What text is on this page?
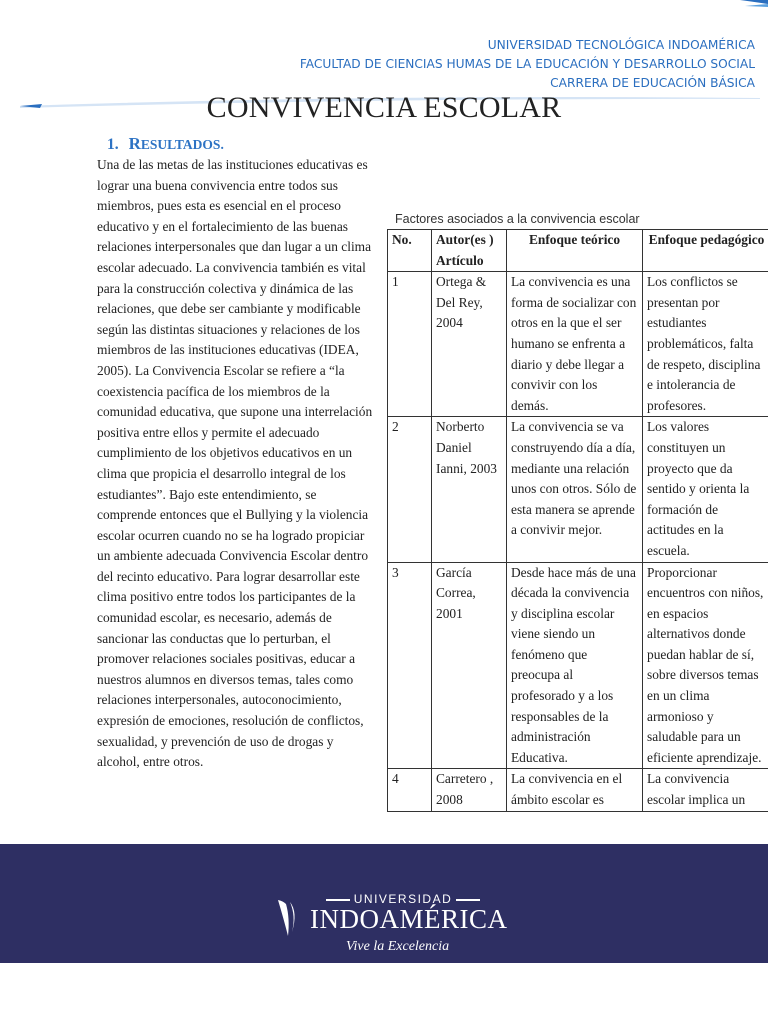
UNIVERSIDAD TECNOLÓGICA INDOAMÉRICA
FACULTAD DE CIENCIAS HUMAS DE LA EDUCACIÓN Y DESARROLLO SOCIAL
CARRERA DE EDUCACIÓN BÁSICA
CONVIVENCIA ESCOLAR
1. RESULTADOS.

Una de las metas de las instituciones educativas es lograr una buena convivencia entre todos sus miembros, pues esta es esencial en el proceso educativo y en el fortalecimiento de las buenas relaciones interpersonales que dan lugar a un clima escolar adecuado. La convivencia también es vital para la construcción colectiva y dinámica de las relaciones, que debe ser cambiante y modificable según las distintas situaciones y relaciones de los miembros de las instituciones educativas (IDEA, 2005). La Convivencia Escolar se refiere a “la coexistencia pacífica de los miembros de la comunidad educativa, que supone una interrelación positiva entre ellos y permite el adecuado cumplimiento de los objetivos educativos en un clima que propicia el desarrollo integral de los estudiantes”. Bajo este entendimiento, se comprende entonces que el Bullying y la violencia escolar ocurren cuando no se ha logrado propiciar un ambiente adecuada Convivencia Escolar dentro del recinto educativo. Para lograr desarrollar este clima positivo entre todos los participantes de la comunidad escolar, es necesario, además de sancionar las conductas que lo perturban, el promover relaciones sociales positivas, educar a nuestros alumnos en diversos temas, tales como relaciones interpersonales, autoconocimiento, expresión de emociones, resolución de conflictos, sexualidad, y prevención de uso de drogas y alcohol, entre otros.

Factores asociados a la convivencia escolar
No.	Autor(es ) Artículo	Enfoque teórico	Enfoque pedagógico
1	Ortega & Del Rey, 2004	La convivencia es una forma de socializar con otros en la que el ser humano se enfrenta a diario y debe llegar a convivir con los demás.	Los conflictos se presentan por estudiantes problemáticos, falta de respeto, disciplina e intolerancia de profesores.
2	Norberto Daniel Ianni, 2003	La convivencia se va construyendo día a día, mediante una relación unos con otros. Sólo de esta manera se aprende a convivir mejor.	Los valores constituyen un proyecto que da sentido y orienta la formación de actitudes en la escuela.
3	García Correa, 2001	Desde hace más de una década la convivencia y disciplina escolar viene siendo un fenómeno que preocupa al profesorado y a los responsables de la administración Educativa.	Proporcionar encuentros con niños, en espacios alternativos donde puedan hablar de sí, sobre diversos temas en un clima armonioso y saludable para un eficiente aprendizaje.
4	Carretero , 2008	La convivencia en el ámbito escolar es	La convivencia escolar implica un
UNIVERSIDAD
INDOAMÉRICA
Vive la Excelencia
